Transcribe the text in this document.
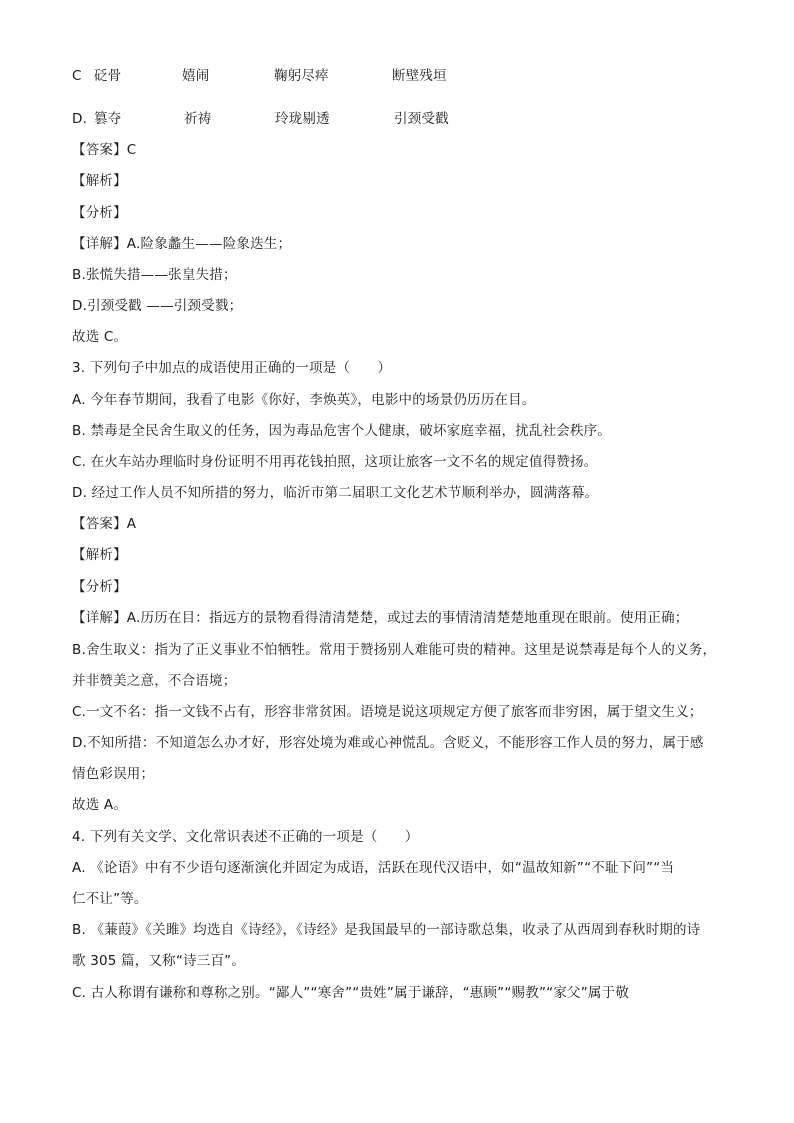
C 砭骨	嬉闹	鞠躬尽瘁	断壁残垣
D. 篡夺	祈祷	玲珑剔透	引颈受戳
【答案】C
【解析】
【分析】
【详解】A.险象蠡生——险象迭生；
B.张慌失措——张皇失措；
D.引颈受戳 ——引颈受戮；
故选 C。
3. 下列句子中加点的成语使用正确的一项是（　　）
A. 今年春节期间，我看了电影《你好，李焕英》，电影中的场景仍历历在目。
B. 禁毒是全民舍生取义的任务，因为毒品危害个人健康，破坏家庭幸福，扰乱社会秩序。
C. 在火车站办理临时身份证明不用再花钱拍照，这项让旅客一文不名的规定值得赞扬。
D. 经过工作人员不知所措的努力，临沂市第二届职工文化艺术节顺利举办，圆满落幕。
【答案】A
【解析】
【分析】
【详解】A.历历在目：指远方的景物看得清清楚楚，或过去的事情清清楚楚地重现在眼前。使用正确；
B.舍生取义：指为了正义事业不怕牺牲。常用于赞扬别人难能可贵的精神。这里是说禁毒是每个人的义务，
并非赞美之意，不合语境；
C.一文不名：指一文钱不占有，形容非常贫困。语境是说这项规定方便了旅客而非穷困，属于望文生义；
D.不知所措：不知道怎么办才好，形容处境为难或心神慌乱。含贬义，不能形容工作人员的努力，属于感
情色彩误用；
故选 A。
4. 下列有关文学、文化常识表述不正确的一项是（　　）
A. 《论语》中有不少语句逐渐演化并固定为成语，活跃在现代汉语中，如“温故知新”“不耻下问”“当
仁不让”等。
B. 《蒹葭》《关雎》均选自《诗经》，《诗经》是我国最早的一部诗歌总集，收录了从西周到春秋时期的诗
歌 305 篇，又称“诗三百”。
C. 古人称谓有谦称和尊称之别。“鄙人”“寒舍”“贵姓”属于谦辞，“惠顾”“赐教”“家父”属于敬
